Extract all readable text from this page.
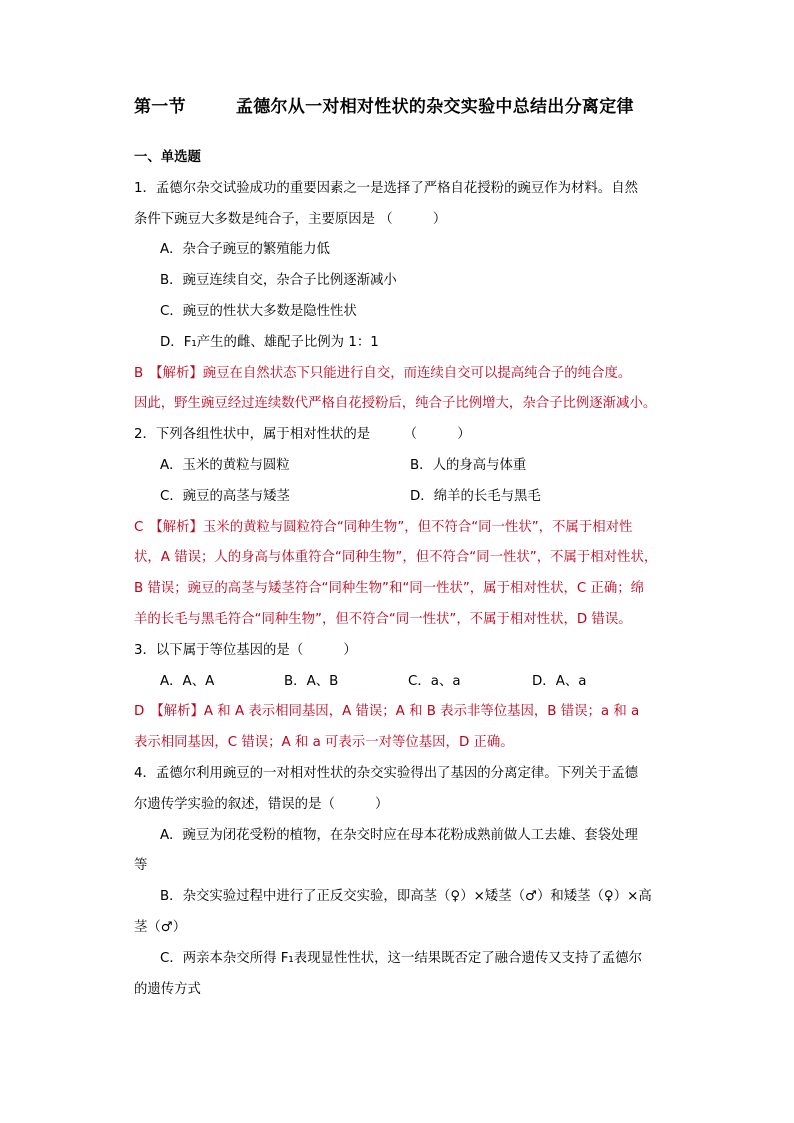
第一节	孟德尔从一对相对性状的杂交实验中总结出分离定律

一、单选题

1．孟德尔杂交试验成功的重要因素之一是选择了严格自花授粉的豌豆作为材料。自然

条件下豌豆大多数是纯合子，主要原因是 （　　　）

A．杂合子豌豆的繁殖能力低

B．豌豆连续自交，杂合子比例逐渐减小

C．豌豆的性状大多数是隐性性状

D．F₁产生的雌、雄配子比例为 1：1

B 【解析】豌豆在自然状态下只能进行自交，而连续自交可以提高纯合子的纯合度。

因此，野生豌豆经过连续数代严格自花授粉后，纯合子比例增大，杂合子比例逐渐减小。

2．下列各组性状中，属于相对性状的是　　　（　　　）

A．玉米的黄粒与圆粒	B．人的身高与体重
C．豌豆的高茎与矮茎	D．绵羊的长毛与黑毛

C 【解析】玉米的黄粒与圆粒符合“同种生物”，但不符合“同一性状”，不属于相对性

状，A 错误；人的身高与体重符合“同种生物”，但不符合“同一性状”，不属于相对性状，

B 错误；豌豆的高茎与矮茎符合“同种生物”和“同一性状”，属于相对性状，C 正确；绵

羊的长毛与黑毛符合“同种生物”，但不符合“同一性状”，不属于相对性状，D 错误。

3．以下属于等位基因的是（　　　）

A．A、A	B．A、B	C．a、a	D．A、a

D 【解析】A 和 A 表示相同基因，A 错误；A 和 B 表示非等位基因，B 错误；a 和 a

表示相同基因，C 错误；A 和 a 可表示一对等位基因，D 正确。

4．孟德尔利用豌豆的一对相对性状的杂交实验得出了基因的分离定律。下列关于孟德

尔遗传学实验的叙述，错误的是（　　　）

A．豌豆为闭花受粉的植物，在杂交时应在母本花粉成熟前做人工去雄、套袋处理

等

B．杂交实验过程中进行了正反交实验，即高茎（♀）×矮茎（♂）和矮茎（♀）×高

茎（♂）

C．两亲本杂交所得 F₁表现显性性状，这一结果既否定了融合遗传又支持了孟德尔

的遗传方式
